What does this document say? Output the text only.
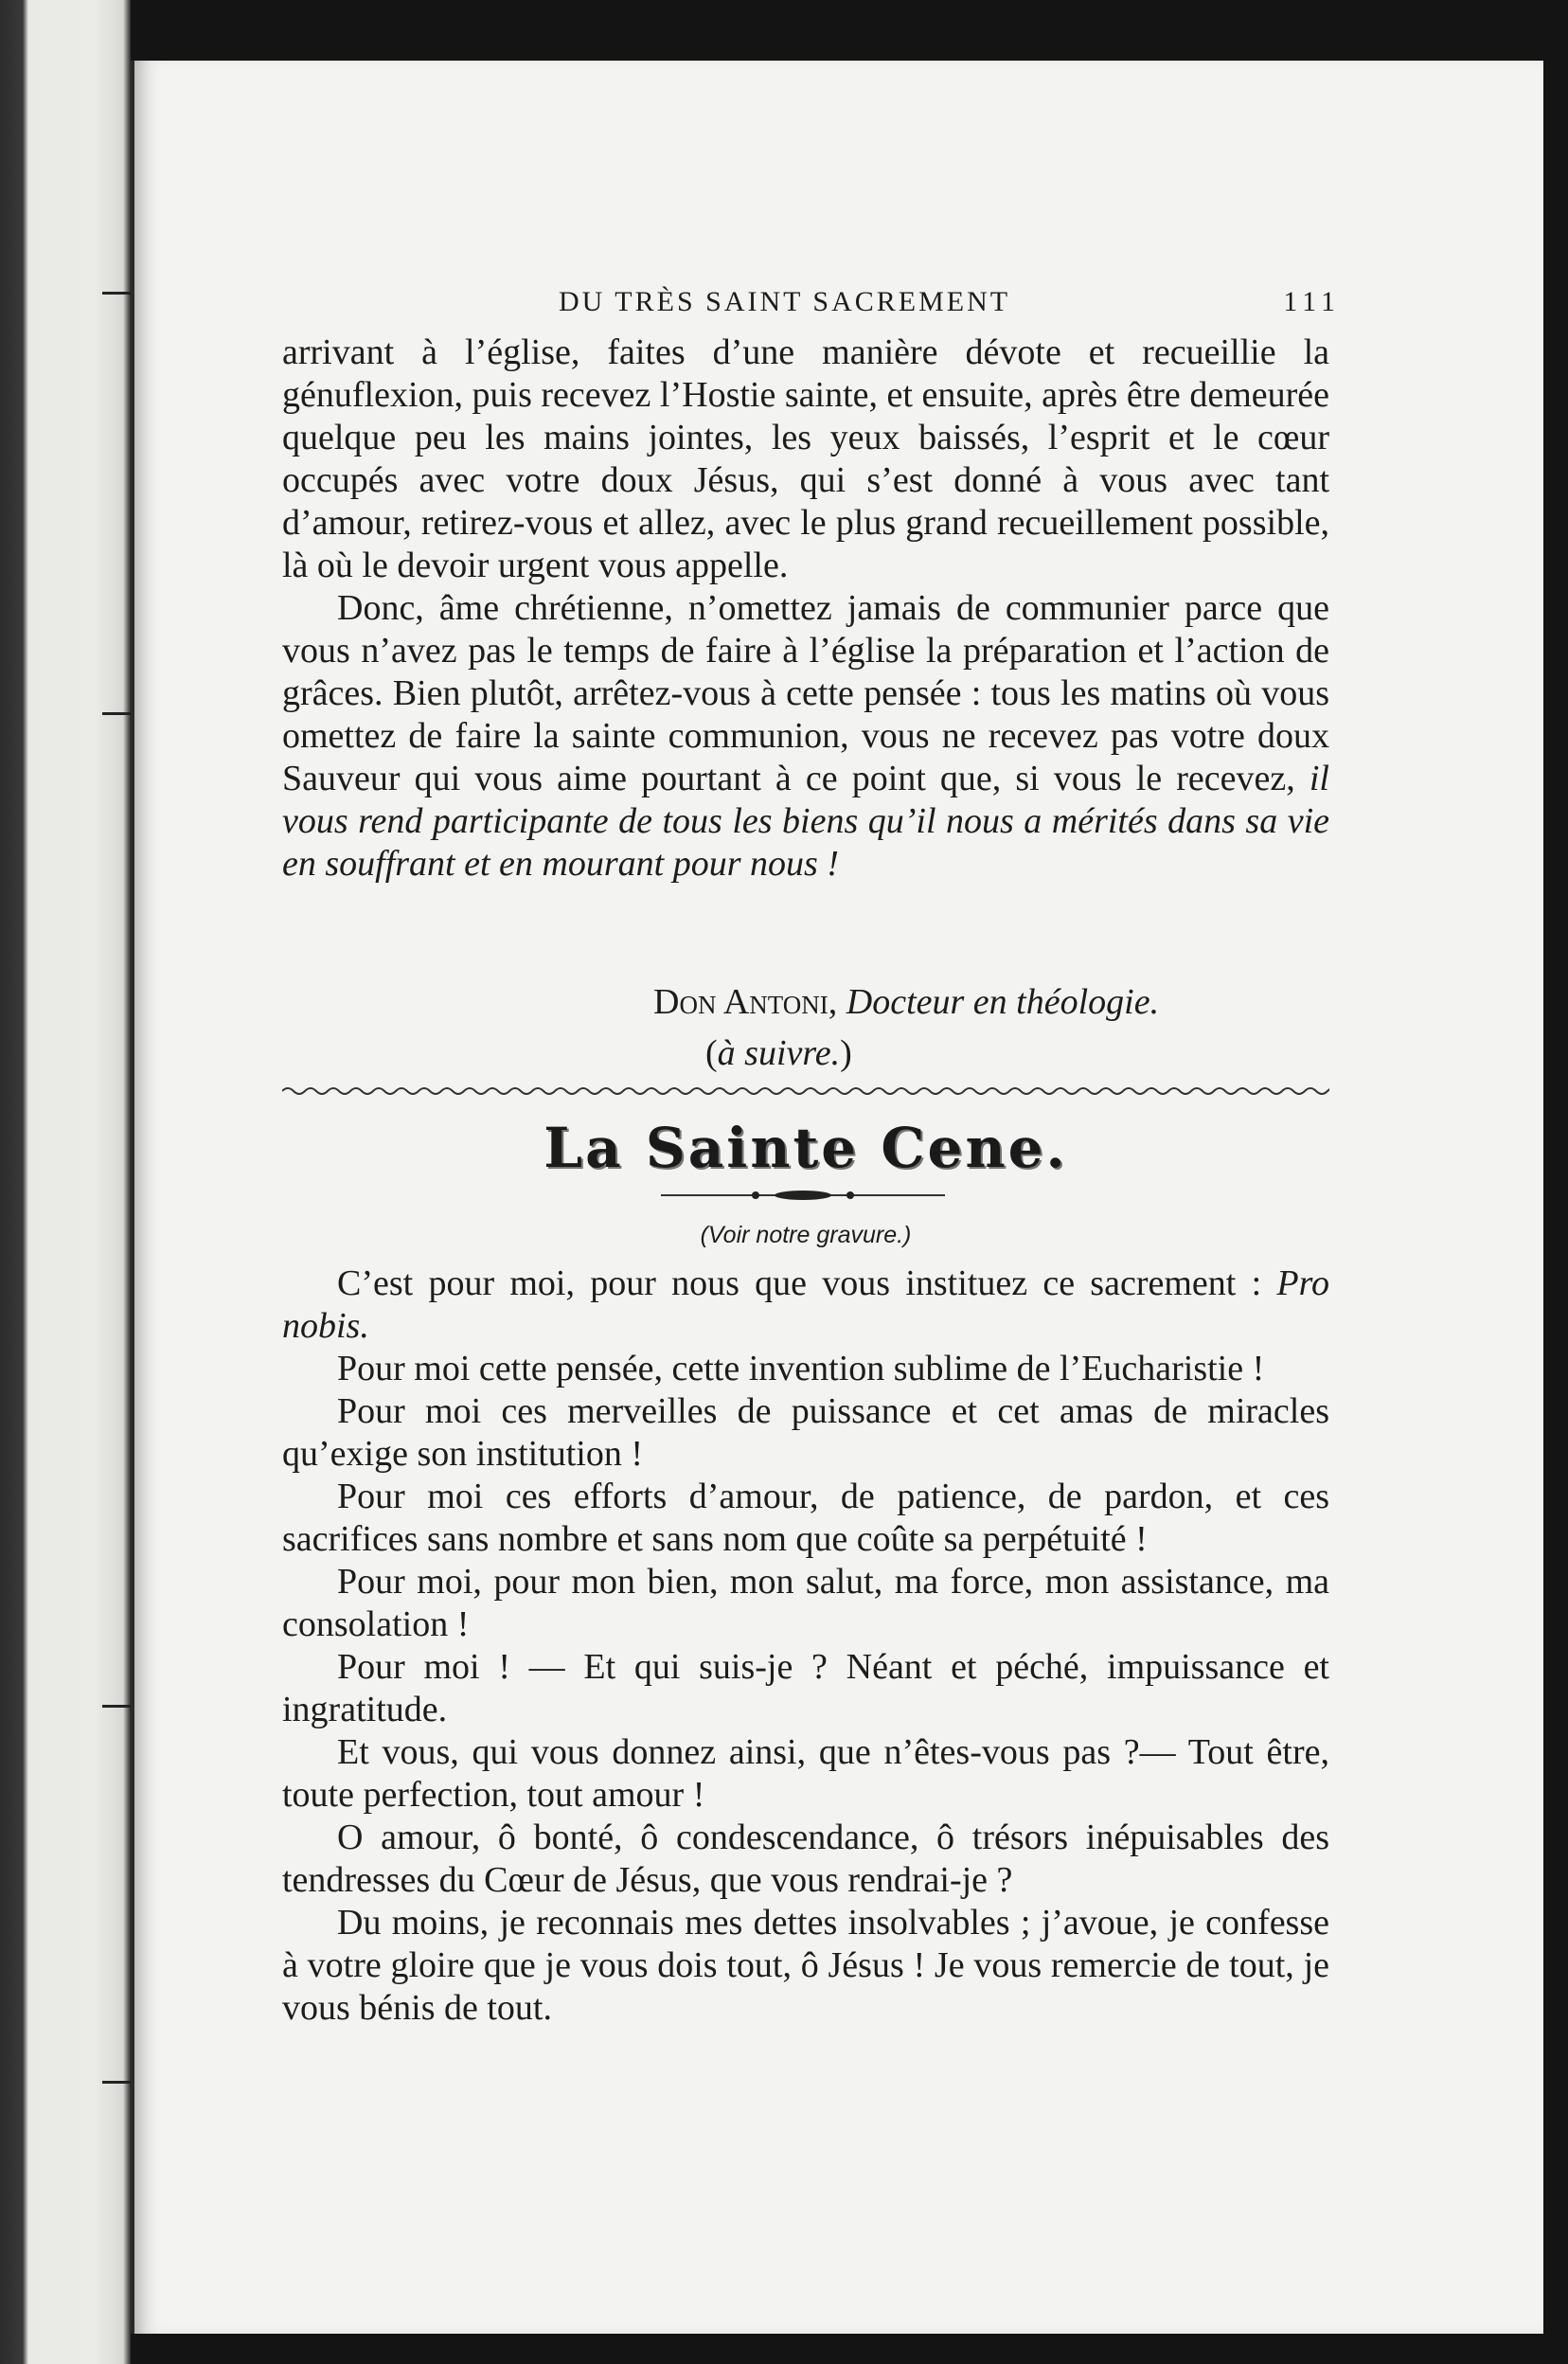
DU TRÈS SAINT SACREMENT	111

arrivant à l’église, faites d’une manière dévote et recueillie la génuflexion, puis recevez l’Hostie sainte, et ensuite, après être demeurée quelque peu les mains jointes, les yeux baissés, l’esprit et le cœur occupés avec votre doux Jésus, qui s’est donné à vous avec tant d’amour, retirez-vous et allez, avec le plus grand recueillement possible, là où le devoir urgent vous appelle.

Donc, âme chrétienne, n’omettez jamais de communier parce que vous n’avez pas le temps de faire à l’église la préparation et l’action de grâces. Bien plutôt, arrêtez-vous à cette pensée : tous les matins où vous omettez de faire la sainte communion, vous ne recevez pas votre doux Sauveur qui vous aime pourtant à ce point que, si vous le recevez, il vous rend participante de tous les biens qu’il nous a mérités dans sa vie en souffrant et en mourant pour nous !

Don Antoni, Docteur en théologie.
(à suivre.)
La Sainte Cene.
(Voir notre gravure.)

C’est pour moi, pour nous que vous instituez ce sacrement : Pro nobis.

Pour moi cette pensée, cette invention sublime de l’Eucharistie !

Pour moi ces merveilles de puissance et cet amas de miracles qu’exige son institution !

Pour moi ces efforts d’amour, de patience, de pardon, et ces sacrifices sans nombre et sans nom que coûte sa perpétuité !

Pour moi, pour mon bien, mon salut, ma force, mon assistance, ma consolation !

Pour moi ! — Et qui suis-je ? Néant et péché, impuissance et ingratitude.

Et vous, qui vous donnez ainsi, que n’êtes-vous pas ?— Tout être, toute perfection, tout amour !

O amour, ô bonté, ô condescendance, ô trésors inépuisables des tendresses du Cœur de Jésus, que vous rendrai-je ?

Du moins, je reconnais mes dettes insolvables ; j’avoue, je confesse à votre gloire que je vous dois tout, ô Jésus ! Je vous remercie de tout, je vous bénis de tout.
